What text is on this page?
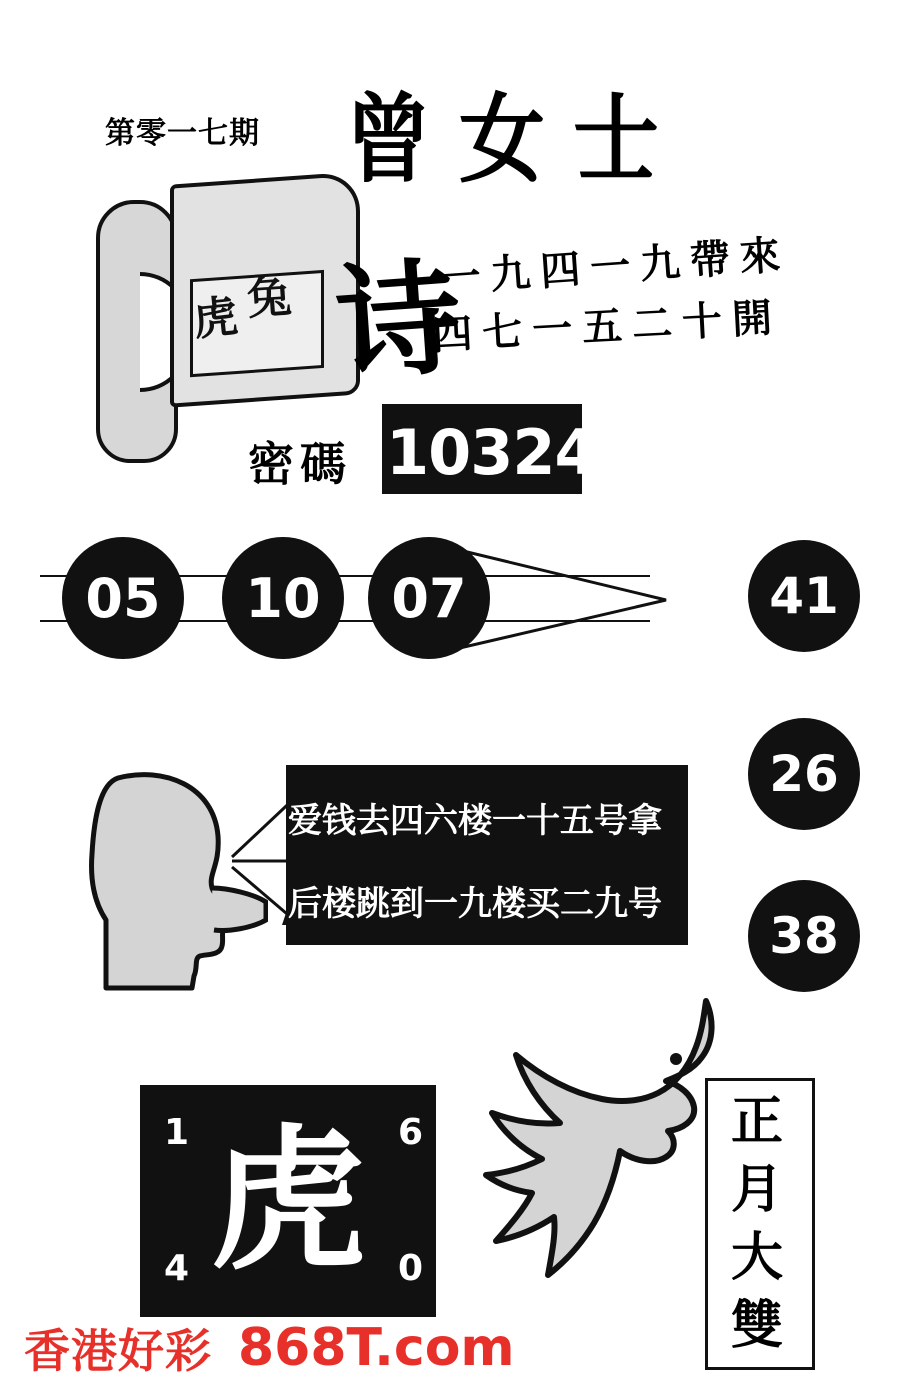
第零一七期 曾女士
虎 兔 诗
一九四一九帶來
四七一五二十開
密碼 103246
05	10	07	41
26
38
爱钱去四六楼一十五号拿
后楼跳到一九楼买二九号
虎
1	6
4	0
正
月
大
雙
香港好彩 868T.com
